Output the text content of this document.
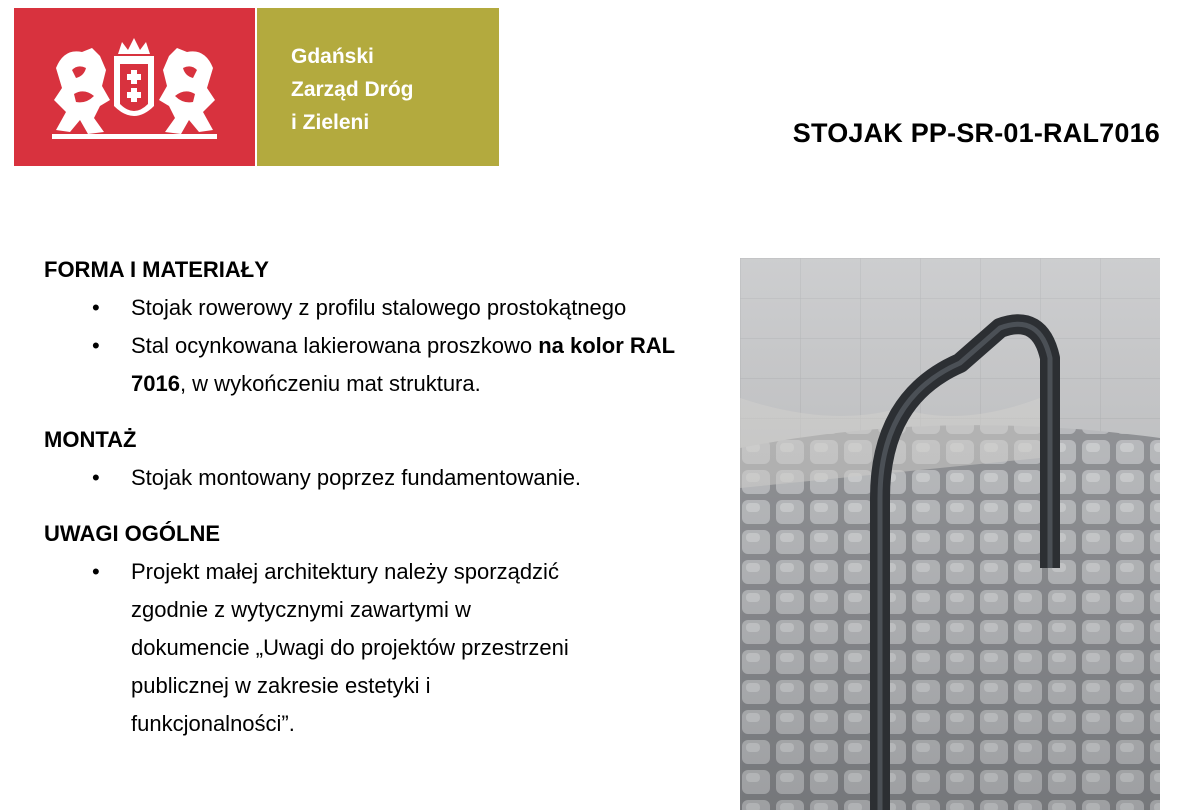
Gdański
Zarząd Dróg
i Zieleni	STOJAK PP-SR-01-RAL7016
FORMA I MATERIAŁY
• Stojak rowerowy z profilu stalowego prostokątnego
• Stal ocynkowana lakierowana proszkowo na kolor RAL 7016, w wykończeniu mat struktura.
MONTAŻ
• Stojak montowany poprzez fundamentowanie.
UWAGI OGÓLNE
• Projekt małej architektury należy sporządzić zgodnie z wytycznymi zawartymi w dokumencie „Uwagi do projektów przestrzeni publicznej w zakresie estetyki i funkcjonalności”.
